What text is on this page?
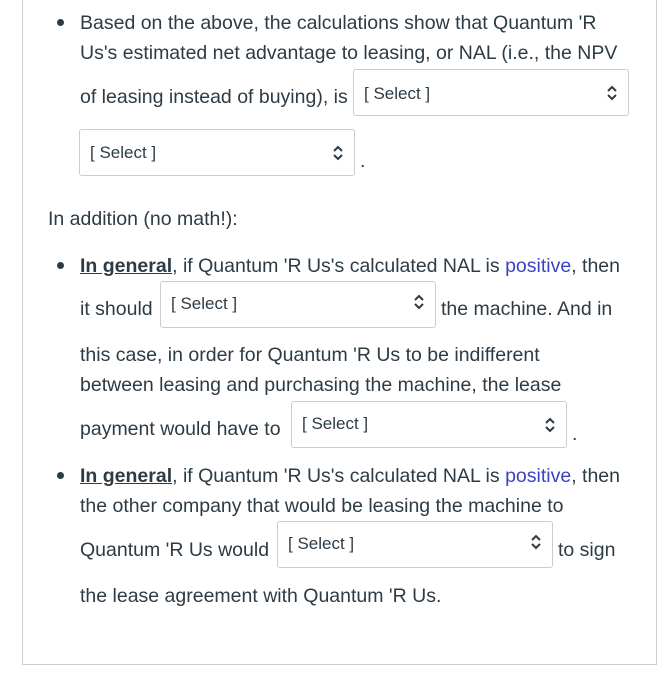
Based on the above, the calculations show that Quantum 'R
Us's estimated net advantage to leasing, or NAL (i.e., the NPV
of leasing instead of buying), is [ Select ]
[ Select ]	.
In addition (no math!):
In general, if Quantum 'R Us's calculated NAL is positive, then
it should [ Select ]	the machine. And in
this case, in order for Quantum 'R Us to be indifferent
between leasing and purchasing the machine, the lease
payment would have to [ Select ]	.
In general, if Quantum 'R Us's calculated NAL is positive, then
the other company that would be leasing the machine to
Quantum 'R Us would [ Select ]	to sign
the lease agreement with Quantum 'R Us.
